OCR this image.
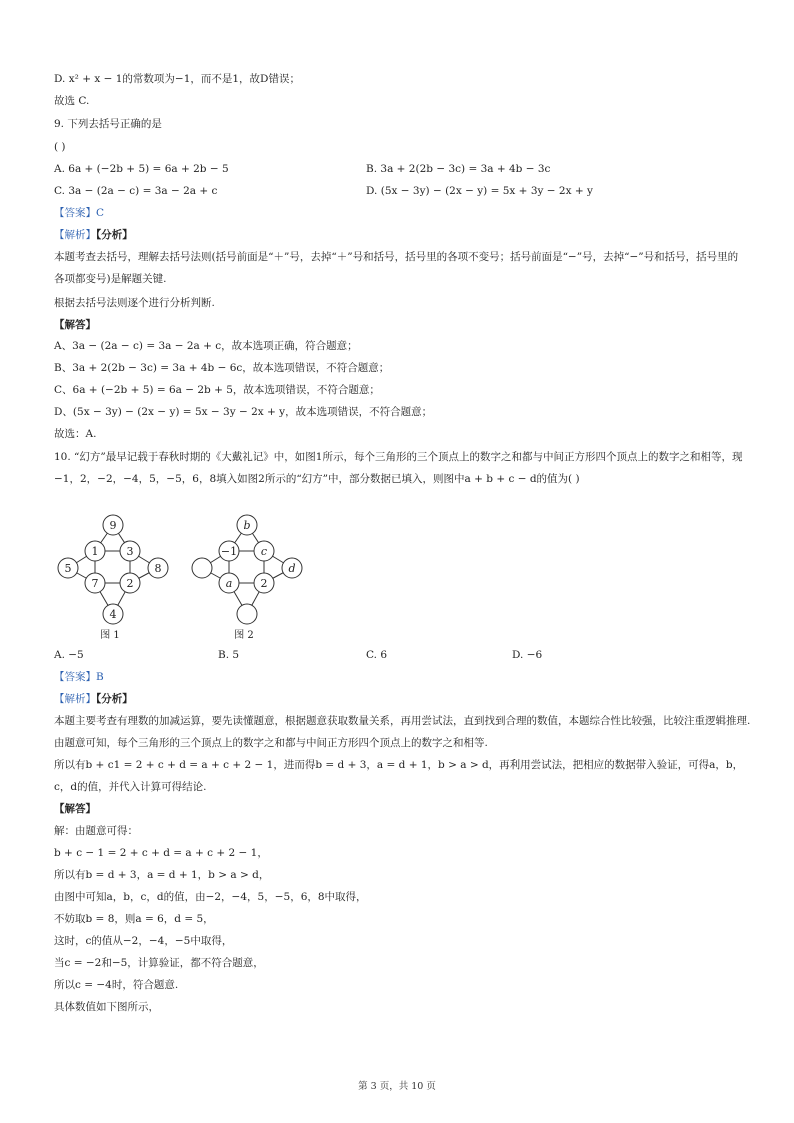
D. x² + x − 1的常数项为−1，而不是1，故D错误；
故选 C.
9. 下列去括号正确的是
( )
A. 6a + (−2b + 5) = 6a + 2b − 5	B. 3a + 2(2b − 3c) = 3a + 4b − 3c
C. 3a − (2a − c) = 3a − 2a + c	D. (5x − 3y) − (2x − y) = 5x + 3y − 2x + y
【答案】C
【解析】【分析】
本题考查去括号，理解去括号法则(括号前面是“＋”号，去掉“＋”号和括号，括号里的各项不变号；括号前面是“−”号，去掉“−”号和括号，括号里的各项都变号)是解题关键.
根据去括号法则逐个进行分析判断.
【解答】
A、3a − (2a − c) = 3a − 2a + c，故本选项正确，符合题意；
B、3a + 2(2b − 3c) = 3a + 4b − 6c，故本选项错误，不符合题意；
C、6a + (−2b + 5) = 6a − 2b + 5，故本选项错误，不符合题意；
D、(5x − 3y) − (2x − y) = 5x − 3y − 2x + y，故本选项错误，不符合题意；
故选：A.
10. “幻方”最早记载于春秋时期的《大戴礼记》中，如图1所示，每个三角形的三个顶点上的数字之和都与中间正方形四个顶点上的数字之和相等，现−1，2，−2，−4，5，−5，6，8填入如图2所示的“幻方”中，部分数据已填入，则图中a + b + c − d的值为( )
9
1	3
5	8
7	2
4
图 1
b
−1 c
d
a	2
图 2
A. −5	B. 5	C. 6	D. −6
【答案】B
【解析】【分析】
本题主要考查有理数的加减运算，要先读懂题意，根据题意获取数量关系，再用尝试法，直到找到合理的数值，本题综合性比较强，比较注重逻辑推理.
由题意可知，每个三角形的三个顶点上的数字之和都与中间正方形四个顶点上的数字之和相等.
所以有b + c1 = 2 + c + d = a + c + 2 − 1，进而得b = d + 3，a = d + 1，b > a > d，再利用尝试法，把相应的数据带入验证，可得a，b，c，d的值，并代入计算可得结论.
【解答】
解：由题意可得：
b + c − 1 = 2 + c + d = a + c + 2 − 1，
所以有b = d + 3，a = d + 1，b > a > d，
由图中可知a，b，c，d的值，由−2，−4，5，−5，6，8中取得，
不妨取b = 8，则a = 6，d = 5，
这时，c的值从−2，−4，−5中取得，
当c = −2和−5，计算验证，都不符合题意，
所以c = −4时，符合题意.
具体数值如下图所示，
第 3 页，共 10 页
